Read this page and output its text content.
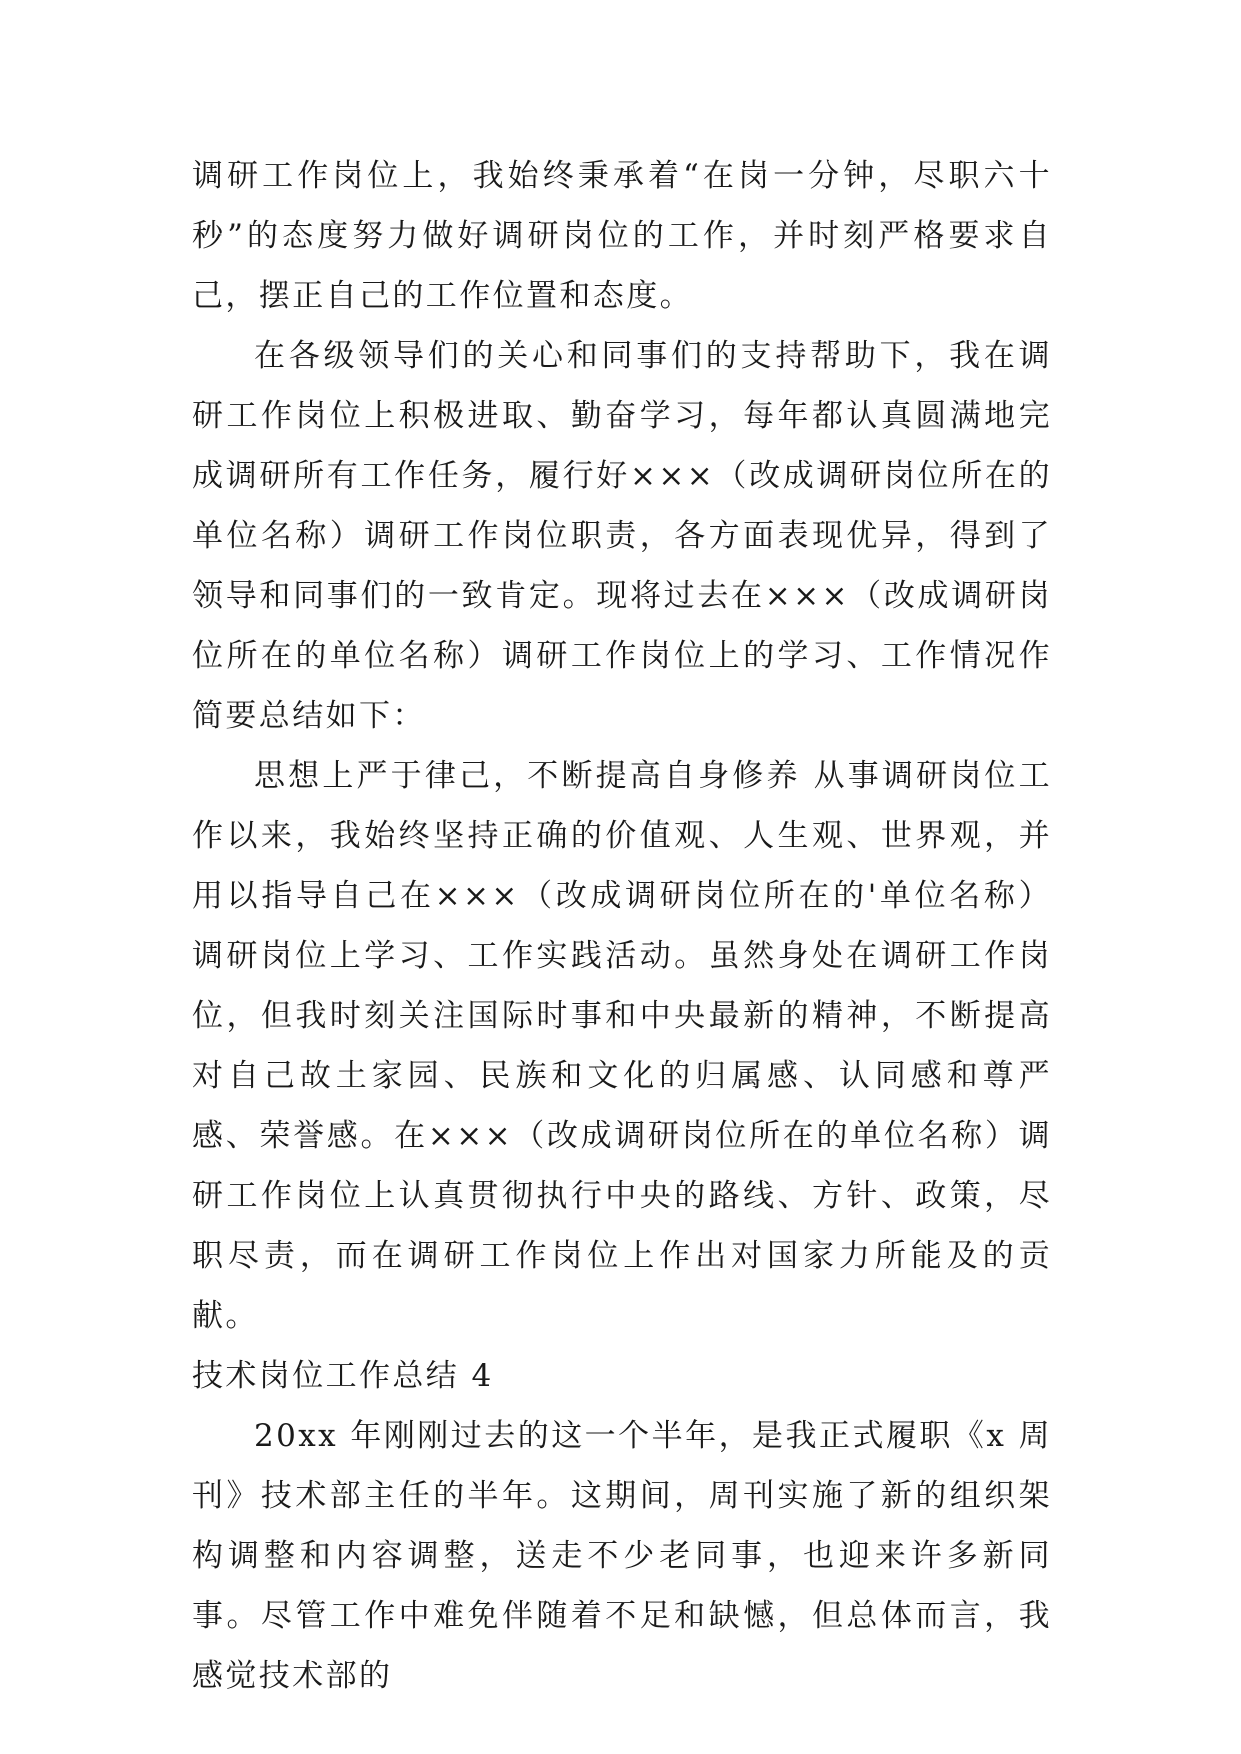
调研工作岗位上，我始终秉承着“在岗一分钟，尽职六十秒”的态度努力做好调研岗位的工作，并时刻严格要求自己，摆正自己的工作位置和态度。

在各级领导们的关心和同事们的支持帮助下，我在调研工作岗位上积极进取、勤奋学习，每年都认真圆满地完成调研所有工作任务，履行好×××（改成调研岗位所在的单位名称）调研工作岗位职责，各方面表现优异，得到了领导和同事们的一致肯定。现将过去在×××（改成调研岗位所在的单位名称）调研工作岗位上的学习、工作情况作简要总结如下：

思想上严于律己，不断提高自身修养 从事调研岗位工作以来，我始终坚持正确的价值观、人生观、世界观，并用以指导自己在×××（改成调研岗位所在的'单位名称）调研岗位上学习、工作实践活动。虽然身处在调研工作岗位，但我时刻关注国际时事和中央最新的精神，不断提高对自己故土家园、民族和文化的归属感、认同感和尊严感、荣誉感。在×××（改成调研岗位所在的单位名称）调研工作岗位上认真贯彻执行中央的路线、方针、政策，尽职尽责，而在调研工作岗位上作出对国家力所能及的贡献。

技术岗位工作总结 4

20xx 年刚刚过去的这一个半年，是我正式履职《x 周刊》技术部主任的半年。这期间，周刊实施了新的组织架构调整和内容调整，送走不少老同事，也迎来许多新同事。尽管工作中难免伴随着不足和缺憾，但总体而言，我感觉技术部的
